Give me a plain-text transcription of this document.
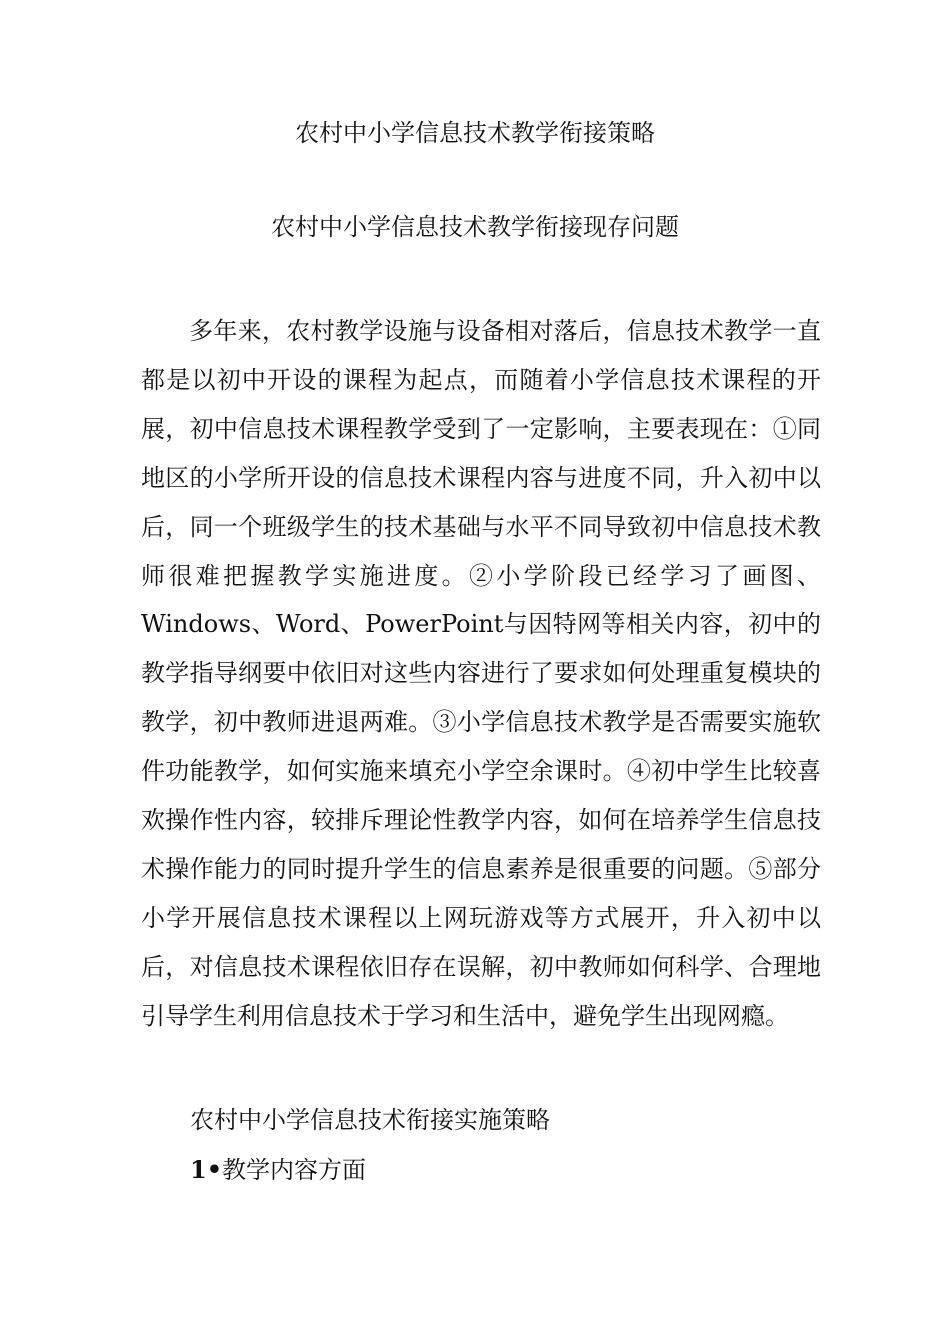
农村中小学信息技术教学衔接策略
农村中小学信息技术教学衔接现存问题

多年来，农村教学设施与设备相对落后，信息技术教学一直都是以初中开设的课程为起点，而随着小学信息技术课程的开展，初中信息技术课程教学受到了一定影响，主要表现在：①同地区的小学所开设的信息技术课程内容与进度不同，升入初中以后，同一个班级学生的技术基础与水平不同导致初中信息技术教师很难把握教学实施进度。②小学阶段已经学习了画图、Windows、Word、PowerPoint与因特网等相关内容，初中的教学指导纲要中依旧对这些内容进行了要求如何处理重复模块的教学，初中教师进退两难。③小学信息技术教学是否需要实施软件功能教学，如何实施来填充小学空余课时。④初中学生比较喜欢操作性内容，较排斥理论性教学内容，如何在培养学生信息技术操作能力的同时提升学生的信息素养是很重要的问题。⑤部分小学开展信息技术课程以上网玩游戏等方式展开，升入初中以后，对信息技术课程依旧存在误解，初中教师如何科学、合理地引导学生利用信息技术于学习和生活中，避免学生出现网瘾。

农村中小学信息技术衔接实施策略

1•教学内容方面
